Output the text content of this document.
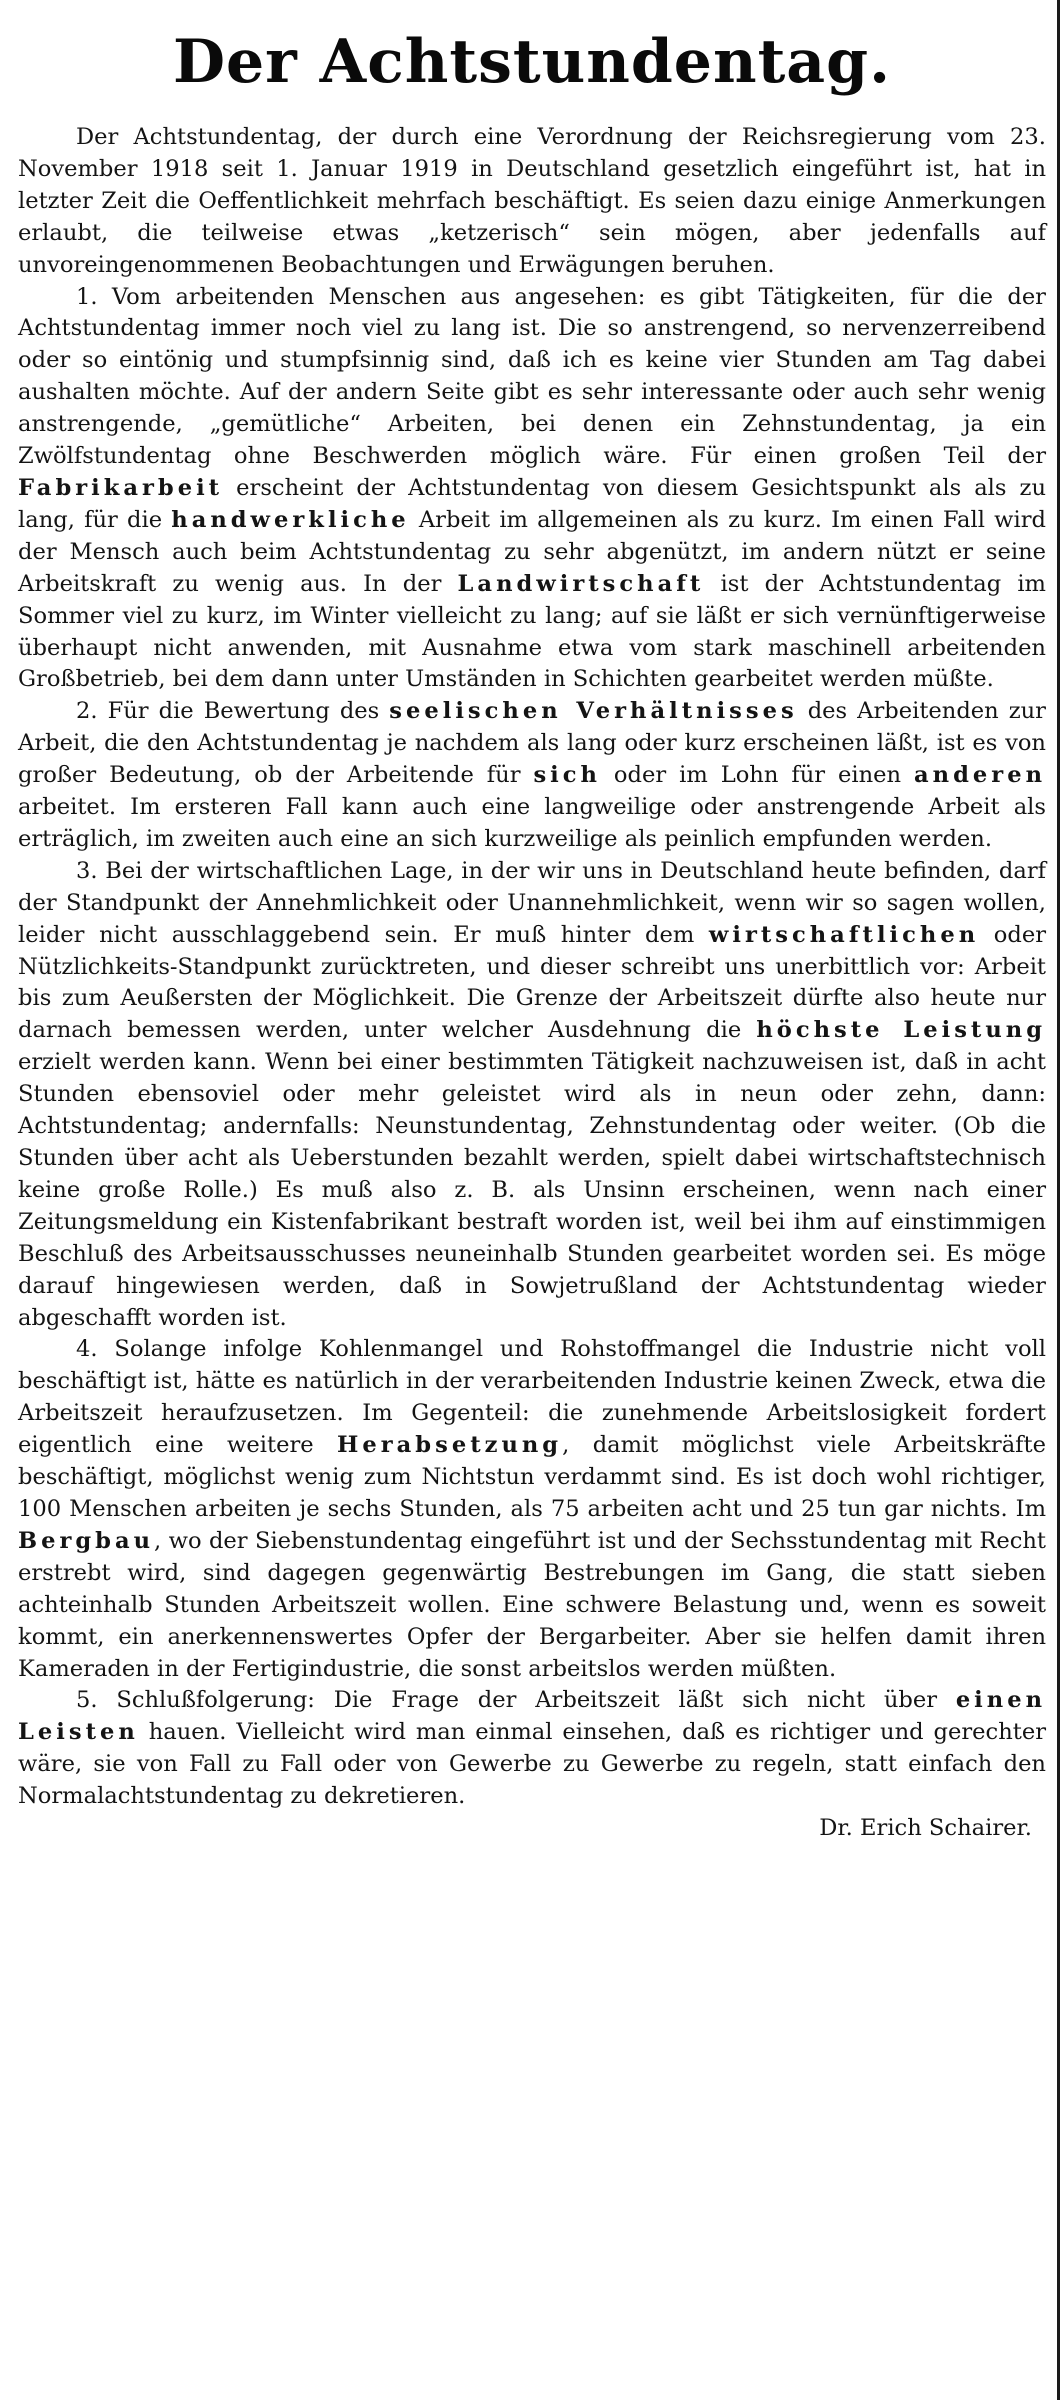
Der Achtstundentag.

Der Achtstundentag, der durch eine Verordnung der Reichsregierung vom 23. November 1918 seit 1. Januar 1919 in Deutschland gesetzlich eingeführt ist, hat in letzter Zeit die Oeffentlichkeit mehrfach beschäftigt. Es seien dazu einige Anmerkungen erlaubt, die teilweise etwas „ketzerisch“ sein mögen, aber jedenfalls auf unvoreingenommenen Beobachtungen und Erwägungen beruhen.

1. Vom arbeitenden Menschen aus angesehen: es gibt Tätigkeiten, für die der Achtstundentag immer noch viel zu lang ist. Die so anstrengend, so nervenzerreibend oder so eintönig und stumpfsinnig sind, daß ich es keine vier Stunden am Tag dabei aushalten möchte. Auf der andern Seite gibt es sehr interessante oder auch sehr wenig anstrengende, „gemütliche“ Arbeiten, bei denen ein Zehnstundentag, ja ein Zwölfstundentag ohne Beschwerden möglich wäre. Für einen großen Teil der Fabrikarbeit erscheint der Achtstundentag von diesem Gesichtspunkt als als zu lang, für die handwerkliche Arbeit im allgemeinen als zu kurz. Im einen Fall wird der Mensch auch beim Achtstundentag zu sehr abgenützt, im andern nützt er seine Arbeitskraft zu wenig aus. In der Landwirtschaft ist der Achtstundentag im Sommer viel zu kurz, im Winter vielleicht zu lang; auf sie läßt er sich vernünftigerweise überhaupt nicht anwenden, mit Ausnahme etwa vom stark maschinell arbeitenden Großbetrieb, bei dem dann unter Umständen in Schichten gearbeitet werden müßte.

2. Für die Bewertung des seelischen Verhältnisses des Arbeitenden zur Arbeit, die den Achtstundentag je nachdem als lang oder kurz erscheinen läßt, ist es von großer Bedeutung, ob der Arbeitende für sich oder im Lohn für einen anderen arbeitet. Im ersteren Fall kann auch eine langweilige oder anstrengende Arbeit als erträglich, im zweiten auch eine an sich kurzweilige als peinlich empfunden werden.

3. Bei der wirtschaftlichen Lage, in der wir uns in Deutschland heute befinden, darf der Standpunkt der Annehmlichkeit oder Unannehmlichkeit, wenn wir so sagen wollen, leider nicht ausschlaggebend sein. Er muß hinter dem wirtschaftlichen oder Nützlichkeits-Standpunkt zurücktreten, und dieser schreibt uns unerbittlich vor: Arbeit bis zum Aeußersten der Möglichkeit. Die Grenze der Arbeitszeit dürfte also heute nur darnach bemessen werden, unter welcher Ausdehnung die höchste Leistung erzielt werden kann. Wenn bei einer bestimmten Tätigkeit nachzuweisen ist, daß in acht Stunden ebensoviel oder mehr geleistet wird als in neun oder zehn, dann: Achtstundentag; andernfalls: Neunstundentag, Zehnstundentag oder weiter. (Ob die Stunden über acht als Ueberstunden bezahlt werden, spielt dabei wirtschaftstechnisch keine große Rolle.) Es muß also z. B. als Unsinn erscheinen, wenn nach einer Zeitungsmeldung ein Kistenfabrikant bestraft worden ist, weil bei ihm auf einstimmigen Beschluß des Arbeitsausschusses neuneinhalb Stunden gearbeitet worden sei. Es möge darauf hingewiesen werden, daß in Sowjetrußland der Achtstundentag wieder abgeschafft worden ist.

4. Solange infolge Kohlenmangel und Rohstoffmangel die Industrie nicht voll beschäftigt ist, hätte es natürlich in der verarbeitenden Industrie keinen Zweck, etwa die Arbeitszeit heraufzusetzen. Im Gegenteil: die zunehmende Arbeitslosigkeit fordert eigentlich eine weitere Herabsetzung, damit möglichst viele Arbeitskräfte beschäftigt, möglichst wenig zum Nichtstun verdammt sind. Es ist doch wohl richtiger, 100 Menschen arbeiten je sechs Stunden, als 75 arbeiten acht und 25 tun gar nichts. Im Bergbau, wo der Siebenstundentag eingeführt ist und der Sechsstundentag mit Recht erstrebt wird, sind dagegen gegenwärtig Bestrebungen im Gang, die statt sieben achteinhalb Stunden Arbeitszeit wollen. Eine schwere Belastung und, wenn es soweit kommt, ein anerkennenswertes Opfer der Bergarbeiter. Aber sie helfen damit ihren Kameraden in der Fertigindustrie, die sonst arbeitslos werden müßten.

5. Schlußfolgerung: Die Frage der Arbeitszeit läßt sich nicht über einen Leisten hauen. Vielleicht wird man einmal einsehen, daß es richtiger und gerechter wäre, sie von Fall zu Fall oder von Gewerbe zu Gewerbe zu regeln, statt einfach den Normalachtstundentag zu dekretieren.

Dr. Erich Schairer.
